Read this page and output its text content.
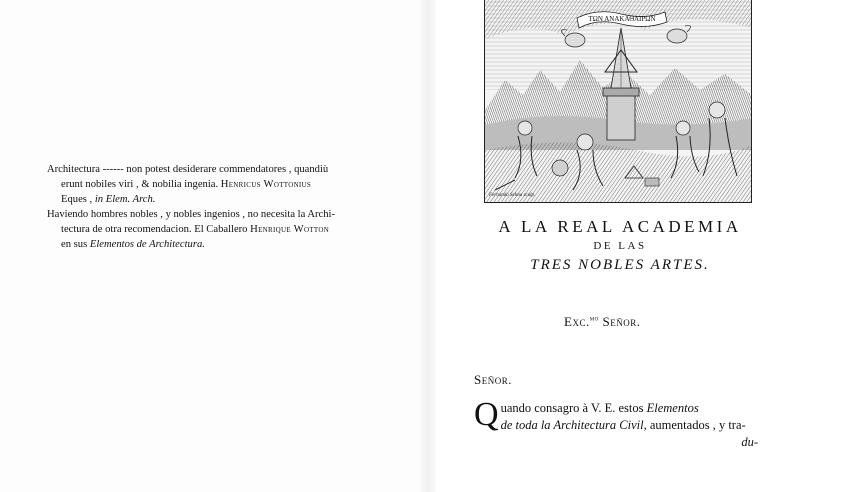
Architectura ------ non potest desiderare commendatores , quandiù

erunt nobiles viri , & nobilia ingenia. Henricus Wottonius
Eques , in Elem. Arch.

Haviendo hombres nobles , y nobles ingenios , no necesita la Archi-

tectura de otra recomendacion. El Caballero Henrique Wotton
en sus Elementos de Architectura.

ΤΩΝ ΑΝΑΚΑΘΑΙΡΩΝ
Fernando Selma sculp.
A LA REAL ACADEMIA
DE LAS
TRES NOBLES ARTES.
Exc.$^{mo}$ Señor.
Señor.
Q uando consagro à V. E. estos Elementos
de toda la Architectura Civil, aumentados , y tra-
du-
